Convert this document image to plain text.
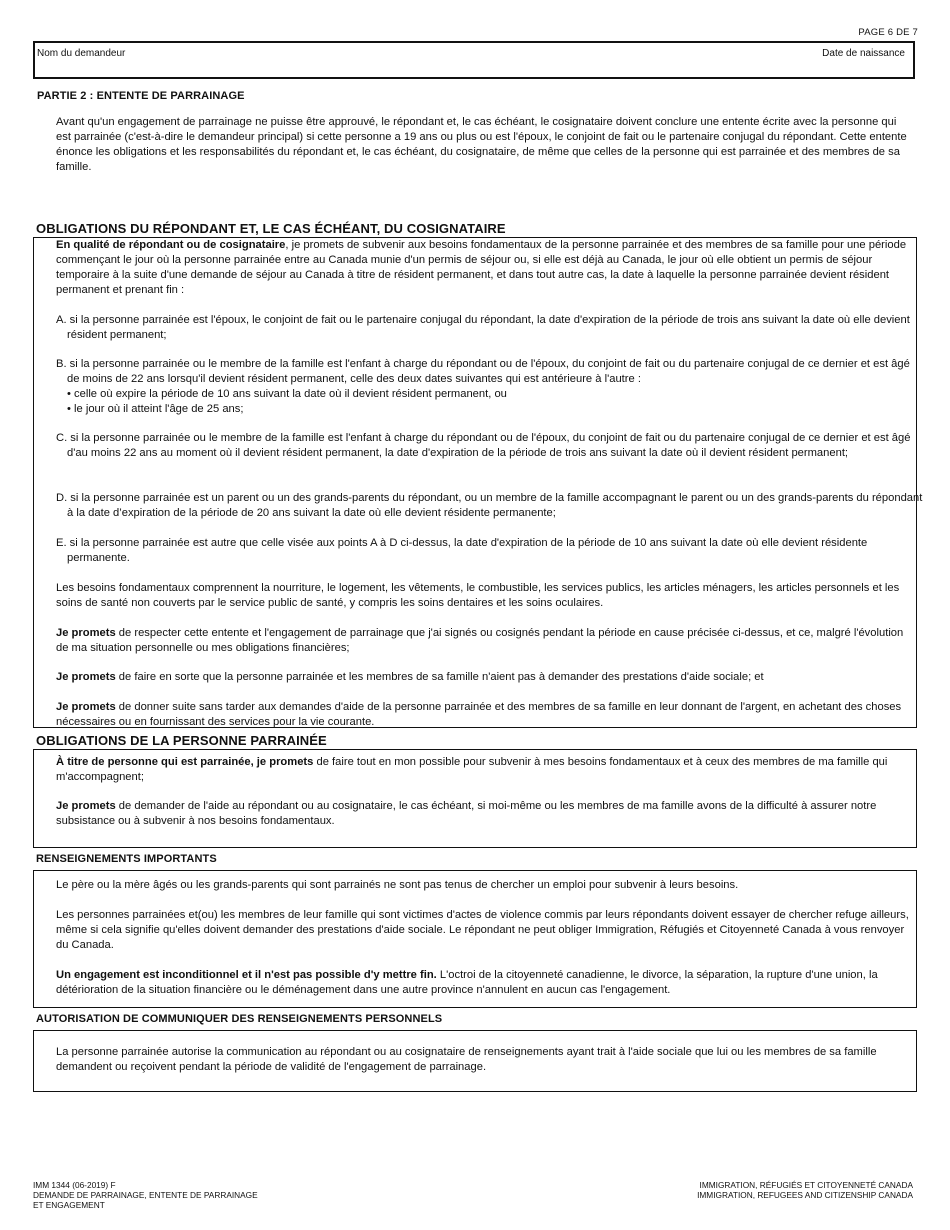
PAGE 6 DE 7
Nom du demandeur	Date de naissance
PARTIE 2 : ENTENTE DE PARRAINAGE

Avant qu'un engagement de parrainage ne puisse être approuvé, le répondant et, le cas échéant, le cosignataire doivent conclure une entente écrite avec la personne qui est parrainée (c'est-à-dire le demandeur principal) si cette personne a 19 ans ou plus ou est l'époux, le conjoint de fait ou le partenaire conjugal du répondant. Cette entente énonce les obligations et les responsabilités du répondant et, le cas échéant, du cosignataire, de même que celles de la personne qui est parrainée et des membres de sa famille.

OBLIGATIONS DU RÉPONDANT ET, LE CAS ÉCHÉANT, DU COSIGNATAIRE

En qualité de répondant ou de cosignataire, je promets de subvenir aux besoins fondamentaux de la personne parrainée et des membres de sa famille pour une période commençant le jour où la personne parrainée entre au Canada munie d'un permis de séjour ou, si elle est déjà au Canada, le jour où elle obtient un permis de séjour temporaire à la suite d'une demande de séjour au Canada à titre de résident permanent, et dans tout autre cas, la date à laquelle la personne parrainée devient résident permanent et prenant fin :

A. si la personne parrainée est l'époux, le conjoint de fait ou le partenaire conjugal du répondant, la date d'expiration de la période de trois ans suivant la date où elle devient résident permanent;

B. si la personne parrainée ou le membre de la famille est l'enfant à charge du répondant ou de l'époux, du conjoint de fait ou du partenaire conjugal de ce dernier et est âgé de moins de 22 ans lorsqu'il devient résident permanent, celle des deux dates suivantes qui est antérieure à l'autre :

• celle où expire la période de 10 ans suivant la date où il devient résident permanent, ou

• le jour où il atteint l'âge de 25 ans;

C. si la personne parrainée ou le membre de la famille est l'enfant à charge du répondant ou de l'époux, du conjoint de fait ou du partenaire conjugal de ce dernier et est âgé d'au moins 22 ans au moment où il devient résident permanent, la date d'expiration de la période de trois ans suivant la date où il devient résident permanent;

D. si la personne parrainée est un parent ou un des grands-parents du répondant, ou un membre de la famille accompagnant le parent ou un des grands-parents du répondant à la date d’expiration de la période de 20 ans suivant la date où elle devient résidente permanente;

E. si la personne parrainée est autre que celle visée aux points A à D ci-dessus, la date d'expiration de la période de 10 ans suivant la date où elle devient résidente permanente.

Les besoins fondamentaux comprennent la nourriture, le logement, les vêtements, le combustible, les services publics, les articles ménagers, les articles personnels et les soins de santé non couverts par le service public de santé, y compris les soins dentaires et les soins oculaires.

Je promets de respecter cette entente et l'engagement de parrainage que j'ai signés ou cosignés pendant la période en cause précisée ci-dessus, et ce, malgré l'évolution de ma situation personnelle ou mes obligations financières;

Je promets de faire en sorte que la personne parrainée et les membres de sa famille n'aient pas à demander des prestations d'aide sociale; et

Je promets de donner suite sans tarder aux demandes d'aide de la personne parrainée et des membres de sa famille en leur donnant de l'argent, en achetant des choses nécessaires ou en fournissant des services pour la vie courante.

OBLIGATIONS DE LA PERSONNE PARRAINÉE

À titre de personne qui est parrainée, je promets de faire tout en mon possible pour subvenir à mes besoins fondamentaux et à ceux des membres de ma famille qui m'accompagnent;

Je promets de demander de l'aide au répondant ou au cosignataire, le cas échéant, si moi-même ou les membres de ma famille avons de la difficulté à assurer notre subsistance ou à subvenir à nos besoins fondamentaux.

RENSEIGNEMENTS IMPORTANTS

Le père ou la mère âgés ou les grands-parents qui sont parrainés ne sont pas tenus de chercher un emploi pour subvenir à leurs besoins.

Les personnes parrainées et(ou) les membres de leur famille qui sont victimes d'actes de violence commis par leurs répondants doivent essayer de chercher refuge ailleurs, même si cela signifie qu'elles doivent demander des prestations d'aide sociale. Le répondant ne peut obliger Immigration, Réfugiés et Citoyenneté Canada à vous renvoyer du Canada.

Un engagement est inconditionnel et il n'est pas possible d'y mettre fin. L'octroi de la citoyenneté canadienne, le divorce, la séparation, la rupture d'une union, la détérioration de la situation financière ou le déménagement dans une autre province n'annulent en aucun cas l'engagement.

AUTORISATION DE COMMUNIQUER DES RENSEIGNEMENTS PERSONNELS

La personne parrainée autorise la communication au répondant ou au cosignataire de renseignements ayant trait à l'aide sociale que lui ou les membres de sa famille demandent ou reçoivent pendant la période de validité de l'engagement de parrainage.

IMM 1344 (06-2019) F
DEMANDE DE PARRAINAGE, ENTENTE DE PARRAINAGE
ET ENGAGEMENT
IMMIGRATION, RÉFUGIÉS ET CITOYENNETÉ CANADA
IMMIGRATION, REFUGEES AND CITIZENSHIP CANADA
